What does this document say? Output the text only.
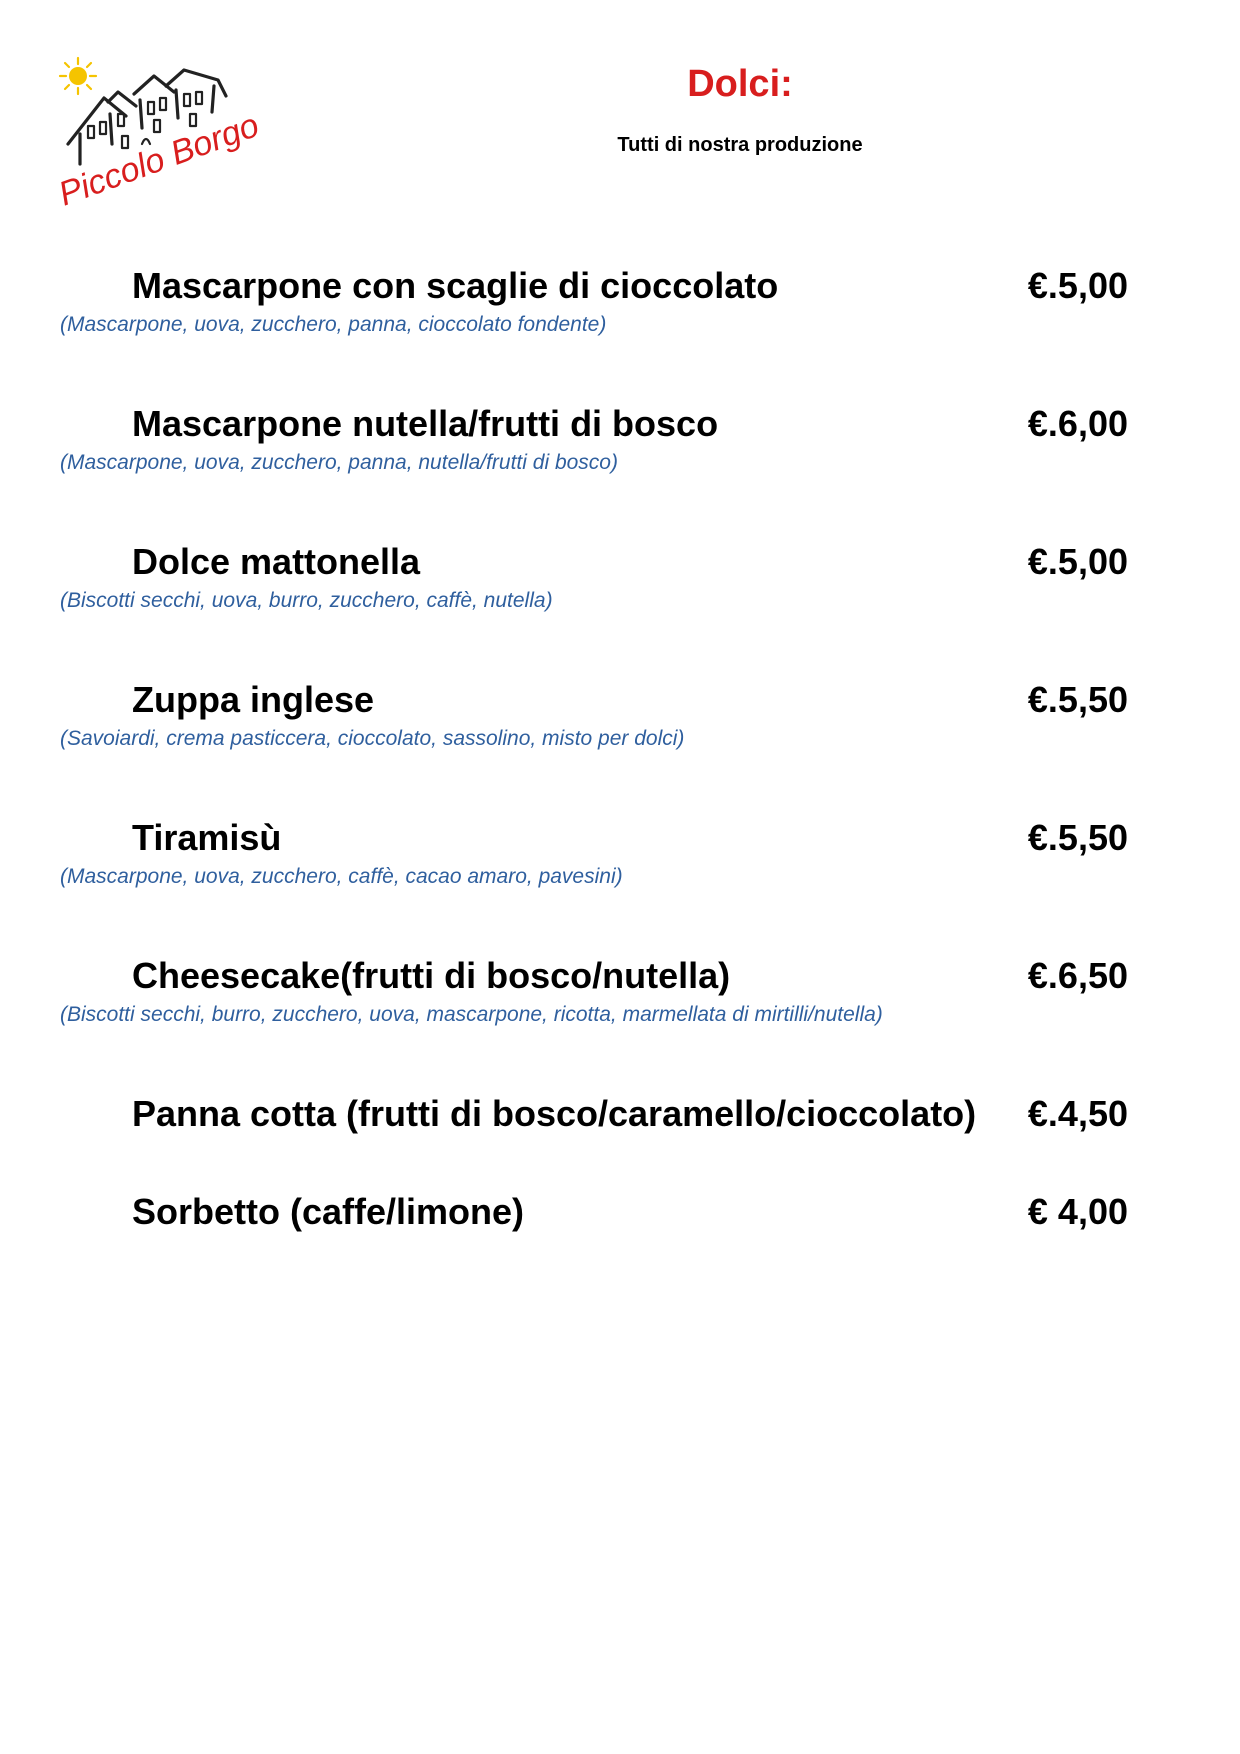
Piccolo Borgo
Dolci:
Tutti di nostra produzione
Mascarpone con scaglie di cioccolato	€.5,00
(Mascarpone, uova, zucchero, panna, cioccolato fondente)
Mascarpone nutella/frutti di bosco	€.6,00
(Mascarpone, uova, zucchero, panna, nutella/frutti di bosco)
Dolce mattonella	€.5,00
(Biscotti secchi, uova, burro, zucchero, caffè, nutella)
Zuppa inglese	€.5,50
(Savoiardi, crema pasticcera, cioccolato, sassolino, misto per dolci)
Tiramisù	€.5,50
(Mascarpone, uova, zucchero, caffè, cacao amaro, pavesini)
Cheesecake(frutti di bosco/nutella)	€.6,50
(Biscotti secchi, burro, zucchero, uova, mascarpone, ricotta, marmellata di mirtilli/nutella)
Panna cotta (frutti di bosco/caramello/cioccolato) €.4,50
Sorbetto (caffe/limone)	€ 4,00
